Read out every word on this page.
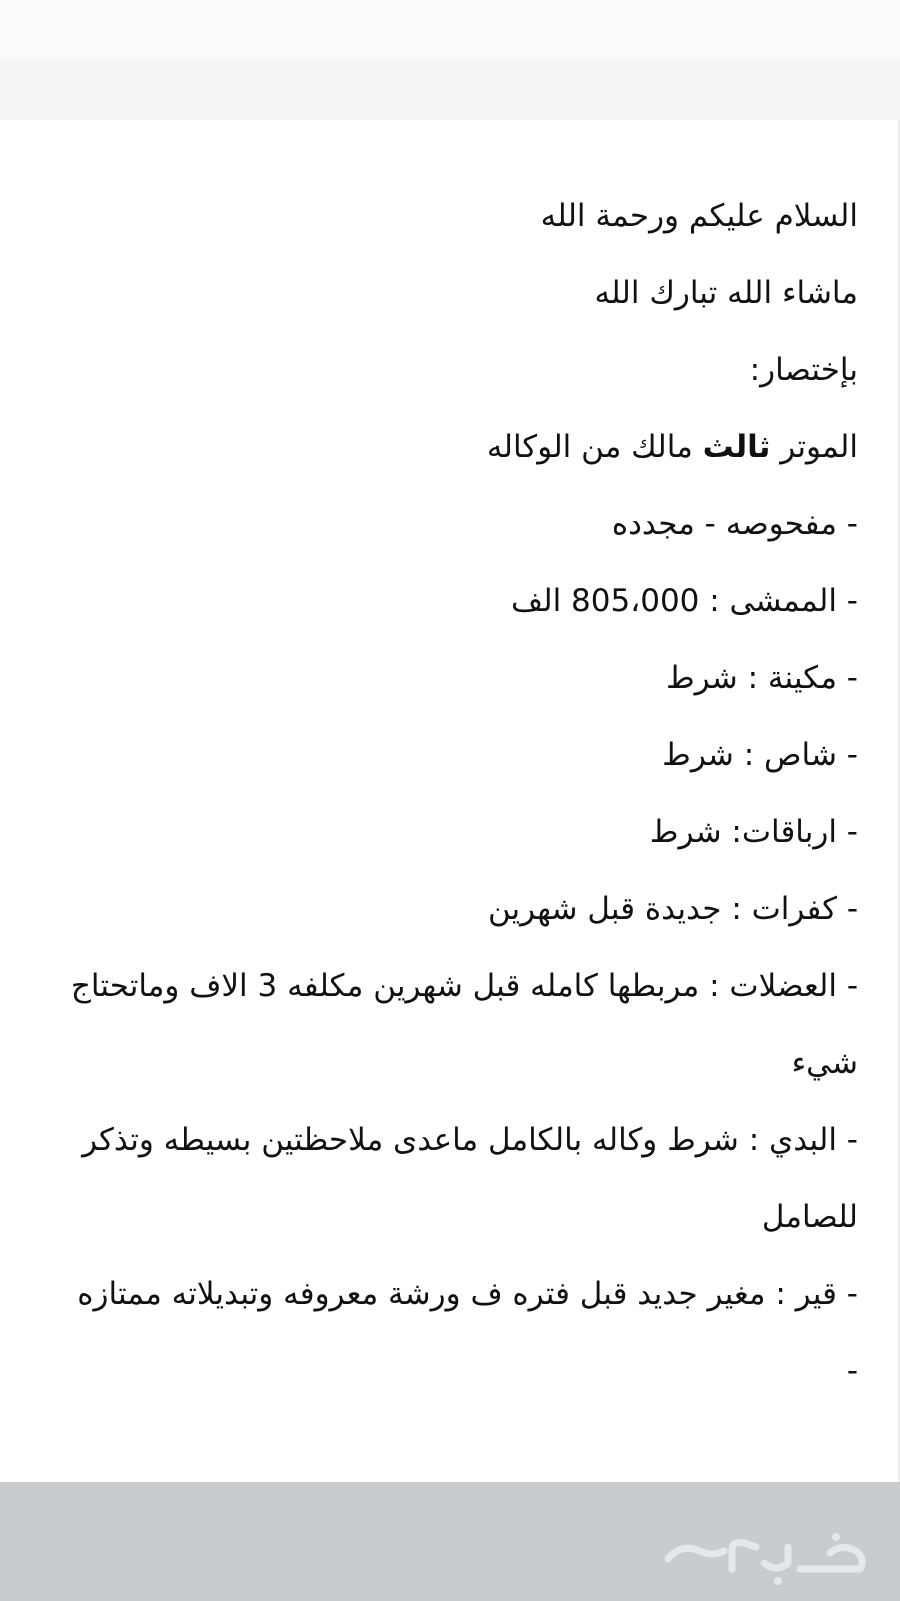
السلام عليكم ورحمة الله

ماشاء الله تبارك الله

بإختصار:

الموتر ثالث مالك من الوكاله

- مفحوصه - مجدده

- الممشى : 805،000 الف

- مكينة : شرط

- شاص : شرط

- ارباقات: شرط

- كفرات : جديدة قبل شهرين

- العضلات : مربطها كامله قبل شهرين مكلفه 3 الاف وماتحتاج شيء

- البدي : شرط وكاله بالكامل ماعدى ملاحظتين بسيطه وتذكر للصامل

- قير : مغير جديد قبل فتره ف ورشة معروفه وتبديلاته ممتازه

-
